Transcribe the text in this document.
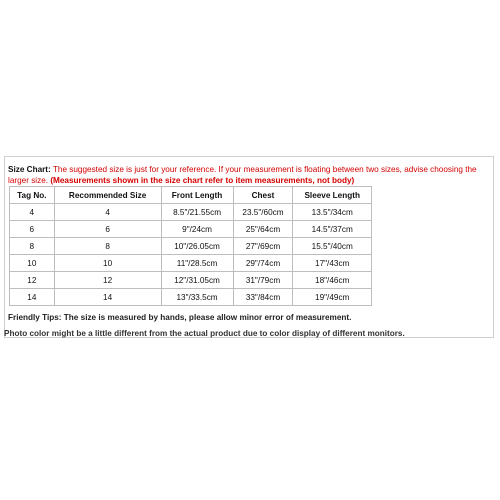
Size Chart: The suggested size is just for your reference. If your measurement is floating between two sizes, advise choosing the larger size. (Measurements shown in the size chart refer to item measurements, not body)
Tag No.	Recommended Size	Front Length	Chest	Sleeve Length
4	4	8.5"/21.55cm	23.5"/60cm	13.5"/34cm
6	6	9"/24cm	25"/64cm	14.5"/37cm
8	8	10"/26.05cm	27"/69cm	15.5"/40cm
10	10	11"/28.5cm	29"/74cm	17"/43cm
12	12	12"/31.05cm	31"/79cm	18"/46cm
14	14	13"/33.5cm	33"/84cm	19"/49cm
Friendly Tips: The size is measured by hands, please allow minor error of measurement.
Photo color might be a little different from the actual product due to color display of different monitors.
